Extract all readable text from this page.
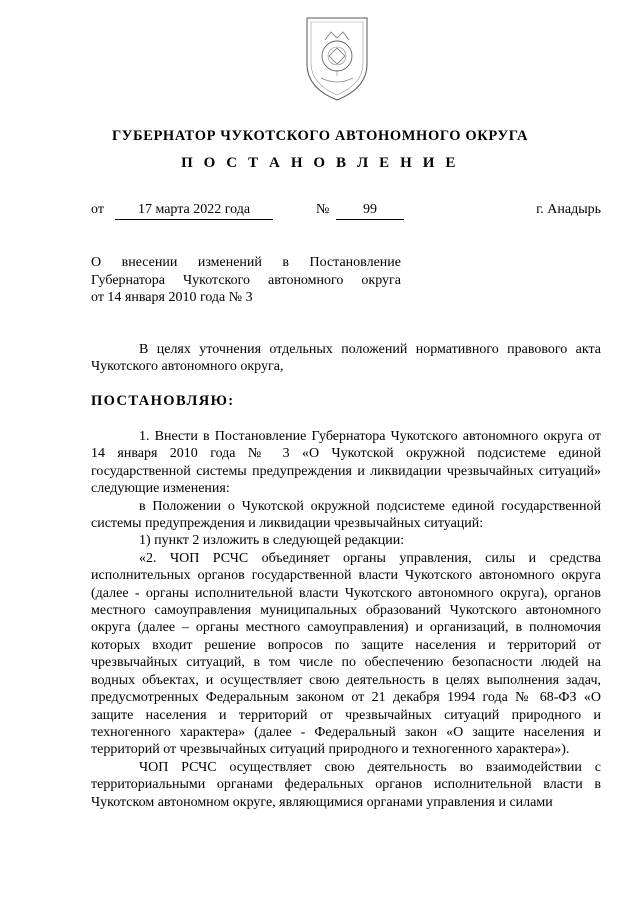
ГУБЕРНАТОР ЧУКОТСКОГО АВТОНОМНОГО ОКРУГА
П О С Т А Н О В Л Е Н И Е
от	17 марта 2022 года	№	99	г. Анадырь
О внесении изменений в Постановление
Губернатора Чукотского автономного округа
от 14 января 2010 года № 3

В целях уточнения отдельных положений нормативного правового акта Чукотского автономного округа,

ПОСТАНОВЛЯЮ:

1. Внести в Постановление Губернатора Чукотского автономного округа от 14 января 2010 года № 3 «О Чукотской окружной подсистеме единой государственной системы предупреждения и ликвидации чрезвычайных ситуаций» следующие изменения:

в Положении о Чукотской окружной подсистеме единой государственной системы предупреждения и ликвидации чрезвычайных ситуаций:

1) пункт 2 изложить в следующей редакции:

«2. ЧОП РСЧС объединяет органы управления, силы и средства исполнительных органов государственной власти Чукотского автономного округа (далее - органы исполнительной власти Чукотского автономного округа), органов местного самоуправления муниципальных образований Чукотского автономного округа (далее – органы местного самоуправления) и организаций, в полномочия которых входит решение вопросов по защите населения и территорий от чрезвычайных ситуаций, в том числе по обеспечению безопасности людей на водных объектах, и осуществляет свою деятельность в целях выполнения задач, предусмотренных Федеральным законом от 21 декабря 1994 года № 68-ФЗ «О защите населения и территорий от чрезвычайных ситуаций природного и техногенного характера» (далее - Федеральный закон «О защите населения и территорий от чрезвычайных ситуаций природного и техногенного характера»).

ЧОП РСЧС осуществляет свою деятельность во взаимодействии с территориальными органами федеральных органов исполнительной власти в Чукотском автономном округе, являющимися органами управления и силами
